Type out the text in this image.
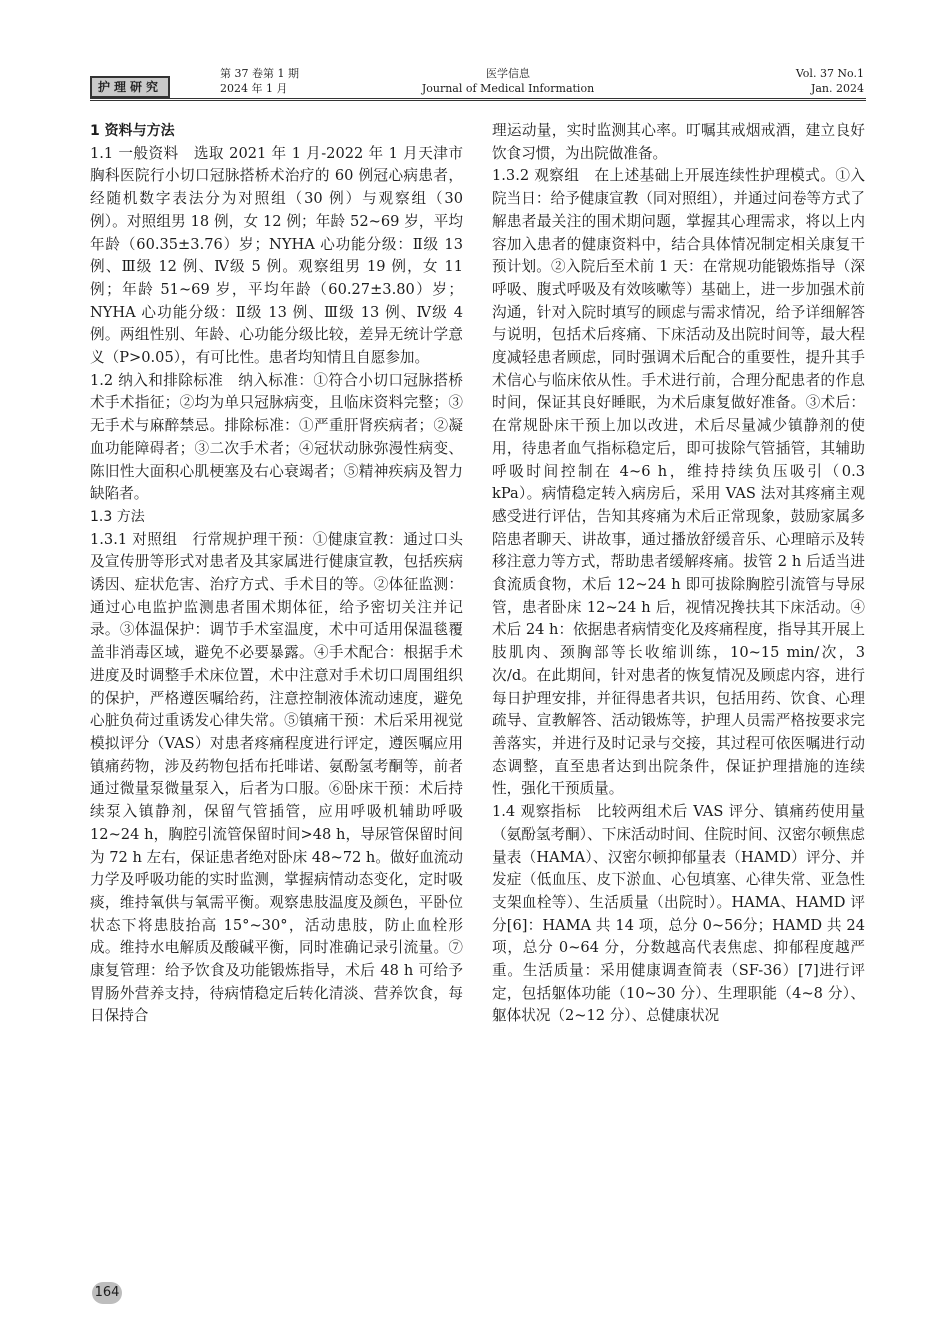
护理研究
第 37 卷第 1 期
2024 年 1 月
医学信息
Journal of Medical Information
Vol. 37 No.1
Jan. 2024

1 资料与方法

1.1 一般资料　选取 2021 年 1 月-2022 年 1 月天津市胸科医院行小切口冠脉搭桥术治疗的 60 例冠心病患者，经随机数字表法分为对照组（30 例）与观察组（30 例）。对照组男 18 例，女 12 例；年龄 52~69 岁，平均年龄（60.35±3.76）岁；NYHA 心功能分级：Ⅱ级 13 例、Ⅲ级 12 例、Ⅳ级 5 例。观察组男 19 例，女 11 例；年龄 51~69 岁，平均年龄（60.27±3.80）岁；NYHA 心功能分级：Ⅱ级 13 例、Ⅲ级 13 例、Ⅳ级 4 例。两组性别、年龄、心功能分级比较，差异无统计学意义（P>0.05），有可比性。患者均知情且自愿参加。

1.2 纳入和排除标准　纳入标准：①符合小切口冠脉搭桥术手术指征；②均为单只冠脉病变，且临床资料完整；③无手术与麻醉禁忌。排除标准：①严重肝肾疾病者；②凝血功能障碍者；③二次手术者；④冠状动脉弥漫性病变、陈旧性大面积心肌梗塞及右心衰竭者；⑤精神疾病及智力缺陷者。

1.3 方法

1.3.1 对照组　行常规护理干预：①健康宣教：通过口头及宣传册等形式对患者及其家属进行健康宣教，包括疾病诱因、症状危害、治疗方式、手术目的等。②体征监测：通过心电监护监测患者围术期体征，给予密切关注并记录。③体温保护：调节手术室温度，术中可适用保温毯覆盖非消毒区域，避免不必要暴露。④手术配合：根据手术进度及时调整手术床位置，术中注意对手术切口周围组织的保护，严格遵医嘱给药，注意控制液体流动速度，避免心脏负荷过重诱发心律失常。⑤镇痛干预：术后采用视觉模拟评分（VAS）对患者疼痛程度进行评定，遵医嘱应用镇痛药物，涉及药物包括布托啡诺、氨酚氢考酮等，前者通过微量泵微量泵入，后者为口服。⑥卧床干预：术后持续泵入镇静剂，保留气管插管，应用呼吸机辅助呼吸 12~24 h，胸腔引流管保留时间>48 h，导尿管保留时间为 72 h 左右，保证患者绝对卧床 48~72 h。做好血流动力学及呼吸功能的实时监测，掌握病情动态变化，定时吸痰，维持氧供与氧需平衡。观察患肢温度及颜色，平卧位状态下将患肢抬高 15°~30°，活动患肢，防止血栓形成。维持水电解质及酸碱平衡，同时准确记录引流量。⑦康复管理：给予饮食及功能锻炼指导，术后 48 h 可给予胃肠外营养支持，待病情稳定后转化清淡、营养饮食，每日保持合

理运动量，实时监测其心率。叮嘱其戒烟戒酒，建立良好饮食习惯，为出院做准备。

1.3.2 观察组　在上述基础上开展连续性护理模式。①入院当日：给予健康宣教（同对照组），并通过问卷等方式了解患者最关注的围术期问题，掌握其心理需求，将以上内容加入患者的健康资料中，结合具体情况制定相关康复干预计划。②入院后至术前 1 天：在常规功能锻炼指导（深呼吸、腹式呼吸及有效咳嗽等）基础上，进一步加强术前沟通，针对入院时填写的顾虑与需求情况，给予详细解答与说明，包括术后疼痛、下床活动及出院时间等，最大程度减轻患者顾虑，同时强调术后配合的重要性，提升其手术信心与临床依从性。手术进行前，合理分配患者的作息时间，保证其良好睡眠，为术后康复做好准备。③术后：在常规卧床干预上加以改进，术后尽量减少镇静剂的使用，待患者血气指标稳定后，即可拔除气管插管，其辅助呼吸时间控制在 4~6 h，维持持续负压吸引（0.3 kPa）。病情稳定转入病房后，采用 VAS 法对其疼痛主观感受进行评估，告知其疼痛为术后正常现象，鼓励家属多陪患者聊天、讲故事，通过播放舒缓音乐、心理暗示及转移注意力等方式，帮助患者缓解疼痛。拔管 2 h 后适当进食流质食物，术后 12~24 h 即可拔除胸腔引流管与导尿管，患者卧床 12~24 h 后，视情况搀扶其下床活动。④术后 24 h：依据患者病情变化及疼痛程度，指导其开展上肢肌肉、颈胸部等长收缩训练，10~15 min/次，3 次/d。在此期间，针对患者的恢复情况及顾虑内容，进行每日护理安排，并征得患者共识，包括用药、饮食、心理疏导、宣教解答、活动锻炼等，护理人员需严格按要求完善落实，并进行及时记录与交接，其过程可依医嘱进行动态调整，直至患者达到出院条件，保证护理措施的连续性，强化干预质量。

1.4 观察指标　比较两组术后 VAS 评分、镇痛药使用量（氨酚氢考酮）、下床活动时间、住院时间、汉密尔顿焦虑量表（HAMA）、汉密尔顿抑郁量表（HAMD）评分、并发症（低血压、皮下淤血、心包填塞、心律失常、亚急性支架血栓等）、生活质量（出院时）。HAMA、HAMD 评分[6]：HAMA 共 14 项，总分 0~56分；HAMD 共 24 项，总分 0~64 分，分数越高代表焦虑、抑郁程度越严重。生活质量：采用健康调查简表（SF-36）[7]进行评定，包括躯体功能（10~30 分）、生理职能（4~8 分）、躯体状况（2~12 分）、总健康状况

164
